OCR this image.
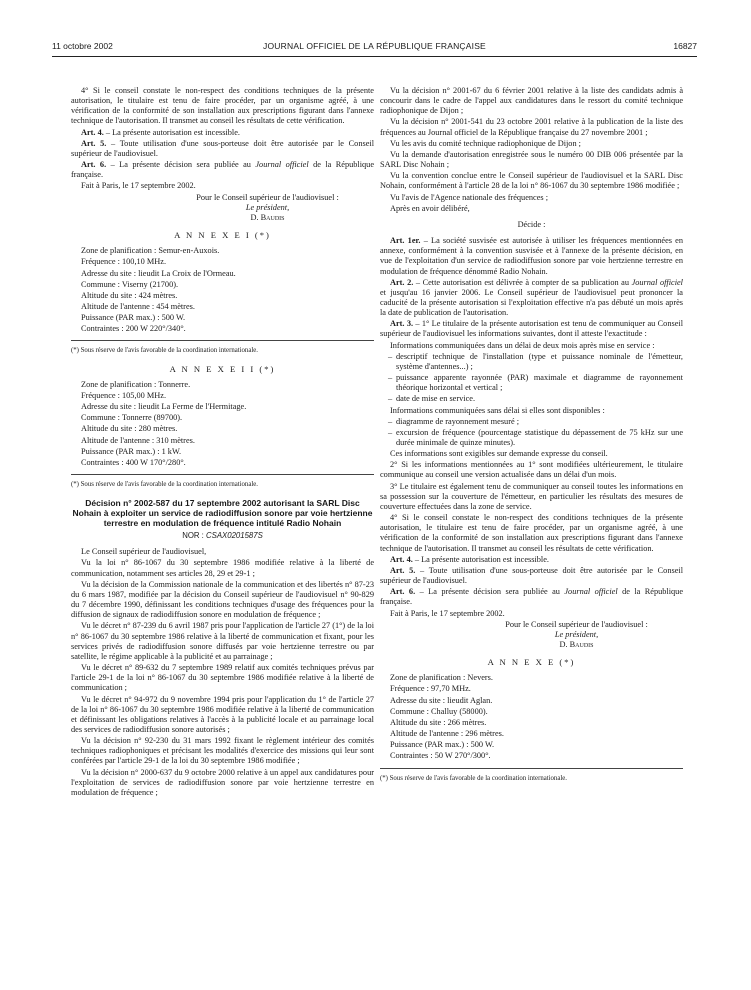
11 octobre 2002	JOURNAL OFFICIEL DE LA RÉPUBLIQUE FRANÇAISE	16827

4° Si le conseil constate le non-respect des conditions techniques de la présente autorisation, le titulaire est tenu de faire procéder, par un organisme agréé, à une vérification de la conformité de son installation aux prescriptions figurant dans l'annexe technique de l'autorisation. Il transmet au conseil les résultats de cette vérification.

Art. 4. – La présente autorisation est incessible.

Art. 5. – Toute utilisation d'une sous-porteuse doit être autorisée par le Conseil supérieur de l'audiovisuel.

Art. 6. – La présente décision sera publiée au Journal officiel de la République française.

Fait à Paris, le 17 septembre 2002.

Pour le Conseil supérieur de l'audiovisuel :

Le président,

D. Baudis

A N N E X E I (*)

Zone de planification : Semur-en-Auxois.

Fréquence : 100,10 MHz.

Adresse du site : lieudit La Croix de l'Ormeau.

Commune : Viserny (21700).

Altitude du site : 424 mètres.

Altitude de l'antenne : 454 mètres.

Puissance (PAR max.) : 500 W.

Contraintes : 200 W 220°/340°.

(*) Sous réserve de l'avis favorable de la coordination internationale.

A N N E X E I I (*)

Zone de planification : Tonnerre.

Fréquence : 105,00 MHz.

Adresse du site : lieudit La Ferme de l'Hermitage.

Commune : Tonnerre (89700).

Altitude du site : 280 mètres.

Altitude de l'antenne : 310 mètres.

Puissance (PAR max.) : 1 kW.

Contraintes : 400 W 170°/280°.

(*) Sous réserve de l'avis favorable de la coordination internationale.

Décision n° 2002-587 du 17 septembre 2002 autorisant la SARL Disc Nohain à exploiter un service de radiodiffusion sonore par voie hertzienne terrestre en modulation de fréquence intitulé Radio Nohain
NOR : CSAX0201587S

Le Conseil supérieur de l'audiovisuel,

Vu la loi n° 86-1067 du 30 septembre 1986 modifiée relative à la liberté de communication, notamment ses articles 28, 29 et 29-1 ;

Vu la décision de la Commission nationale de la communication et des libertés n° 87-23 du 6 mars 1987, modifiée par la décision du Conseil supérieur de l'audiovisuel n° 90-829 du 7 décembre 1990, définissant les conditions techniques d'usage des fréquences pour la diffusion de signaux de radiodiffusion sonore en modulation de fréquence ;

Vu le décret n° 87-239 du 6 avril 1987 pris pour l'application de l'article 27 (1°) de la loi n° 86-1067 du 30 septembre 1986 relative à la liberté de communication et fixant, pour les services privés de radiodiffusion sonore diffusés par voie hertzienne terrestre ou par satellite, le régime applicable à la publicité et au parrainage ;

Vu le décret n° 89-632 du 7 septembre 1989 relatif aux comités techniques prévus par l'article 29-1 de la loi n° 86-1067 du 30 septembre 1986 modifiée relative à la liberté de communication ;

Vu le décret n° 94-972 du 9 novembre 1994 pris pour l'application du 1° de l'article 27 de la loi n° 86-1067 du 30 septembre 1986 modifiée relative à la liberté de communication et définissant les obligations relatives à l'accès à la publicité locale et au parrainage local des services de radiodiffusion sonore autorisés ;

Vu la décision n° 92-230 du 31 mars 1992 fixant le règlement intérieur des comités techniques radiophoniques et précisant les modalités d'exercice des missions qui leur sont conférées par l'article 29-1 de la loi du 30 septembre 1986 modifiée ;

Vu la décision n° 2000-637 du 9 octobre 2000 relative à un appel aux candidatures pour l'exploitation de services de radiodiffusion sonore par voie hertzienne terrestre en modulation de fréquence ;

Vu la décision n° 2001-67 du 6 février 2001 relative à la liste des candidats admis à concourir dans le cadre de l'appel aux candidatures dans le ressort du comité technique radiophonique de Dijon ;

Vu la décision n° 2001-541 du 23 octobre 2001 relative à la publication de la liste des fréquences au Journal officiel de la République française du 27 novembre 2001 ;

Vu les avis du comité technique radiophonique de Dijon ;

Vu la demande d'autorisation enregistrée sous le numéro 00 DIB 006 présentée par la SARL Disc Nohain ;

Vu la convention conclue entre le Conseil supérieur de l'audiovisuel et la SARL Disc Nohain, conformément à l'article 28 de la loi n° 86-1067 du 30 septembre 1986 modifiée ;

Vu l'avis de l'Agence nationale des fréquences ;

Après en avoir délibéré,

Décide :

Art. 1er. – La société susvisée est autorisée à utiliser les fréquences mentionnées en annexe, conformément à la convention susvisée et à l'annexe de la présente décision, en vue de l'exploitation d'un service de radiodiffusion sonore par voie hertzienne terrestre en modulation de fréquence dénommé Radio Nohain.

Art. 2. – Cette autorisation est délivrée à compter de sa publication au Journal officiel et jusqu'au 16 janvier 2006. Le Conseil supérieur de l'audiovisuel peut prononcer la caducité de la présente autorisation si l'exploitation effective n'a pas débuté un mois après la date de publication de l'autorisation.

Art. 3. – 1° Le titulaire de la présente autorisation est tenu de communiquer au Conseil supérieur de l'audiovisuel les informations suivantes, dont il atteste l'exactitude :

Informations communiquées dans un délai de deux mois après mise en service :

– descriptif technique de l'installation (type et puissance nominale de l'émetteur, système d'antennes...) ;

– puissance apparente rayonnée (PAR) maximale et diagramme de rayonnement théorique horizontal et vertical ;

– date de mise en service.

Informations communiquées sans délai si elles sont disponibles :

– diagramme de rayonnement mesuré ;

– excursion de fréquence (pourcentage statistique du dépassement de 75 kHz sur une durée minimale de quinze minutes).

Ces informations sont exigibles sur demande expresse du conseil.

2° Si les informations mentionnées au 1° sont modifiées ultérieurement, le titulaire communique au conseil une version actualisée dans un délai d'un mois.

3° Le titulaire est également tenu de communiquer au conseil toutes les informations en sa possession sur la couverture de l'émetteur, en particulier les résultats des mesures de couverture effectuées dans la zone de service.

4° Si le conseil constate le non-respect des conditions techniques de la présente autorisation, le titulaire est tenu de faire procéder, par un organisme agréé, à une vérification de la conformité de son installation aux prescriptions figurant dans l'annexe technique de l'autorisation. Il transmet au conseil les résultats de cette vérification.

Art. 4. – La présente autorisation est incessible.

Art. 5. – Toute utilisation d'une sous-porteuse doit être autorisée par le Conseil supérieur de l'audiovisuel.

Art. 6. – La présente décision sera publiée au Journal officiel de la République française.

Fait à Paris, le 17 septembre 2002.

Pour le Conseil supérieur de l'audiovisuel :

Le président,

D. Baudis

A N N E X E (*)

Zone de planification : Nevers.

Fréquence : 97,70 MHz.

Adresse du site : lieudit Aglan.

Commune : Challuy (58000).

Altitude du site : 266 mètres.

Altitude de l'antenne : 296 mètres.

Puissance (PAR max.) : 500 W.

Contraintes : 50 W 270°/300°.

(*) Sous réserve de l'avis favorable de la coordination internationale.
